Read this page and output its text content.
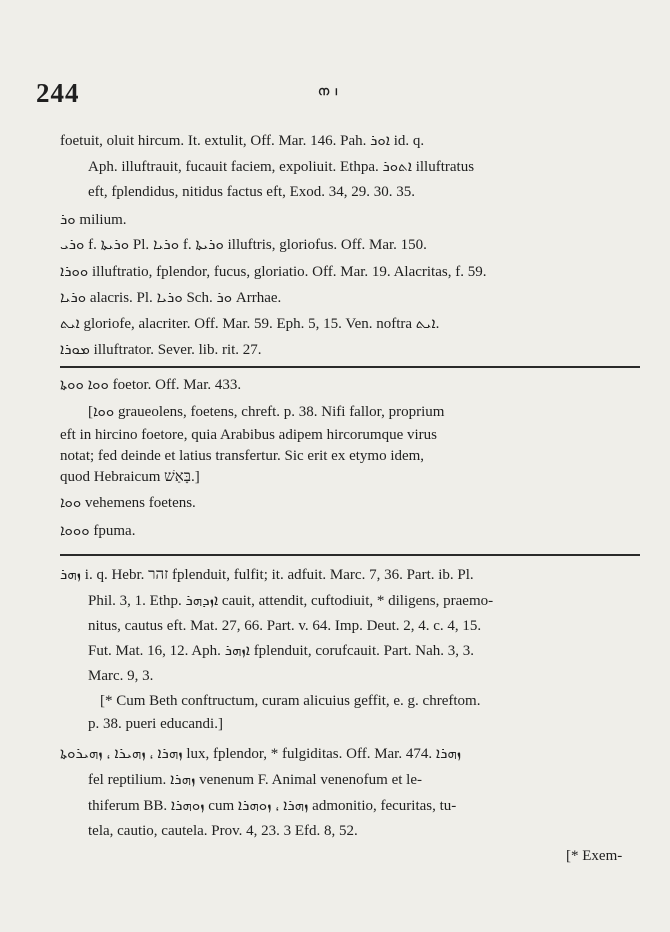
244	ന ।
foetuit, oluit hircum. It. extulit, Off. Mar. 146. Pah. ܐܘܪ id. q.
Aph. illuftrauit, fucauit faciem, expoliuit. Ethpa. ܐܬܘܪ illuftratus
eft, fplendidus, nitidus factus eft, Exod. 34, 29. 30. 35.
ܘܪ milium.
ܘܪܝ f. ܘܪܝܬܐ Pl. ܘܪܝܐ f. ܘܪܝܬܐ illuftris, gloriofus. Off. Mar. 150.
ܘܘܪܐ illuftratio, fplendor, fucus, gloriatio. Off. Mar. 19. Alacritas, f. 59.
ܘܪܝܐ alacris. Pl. ܘܪܝܐ Sch. ܘܪ Arrhae.
ܐܝܬ gloriofe, alacriter. Off. Mar. 59. Eph. 5, 15. Ven. noftra ܐܝܬ.
ܡܘܪܐ illuftrator. Sever. lib. rit. 27.
ܘܘܐ ܘܘܬܐ foetor. Off. Mar. 433.
[ܘܘܐ graueolens, foetens, chreft. p. 38. Nifi fallor, proprium
eft in hircino foetore, quia Arabibus adipem hircorumque virus
notat; fed deinde et latius transfertur. Sic erit ex etymo idem,
quod Hebraicum בָּאַשׁ.]
ܘܘܐ vehemens foetens.
ܘܘܘܐ fpuma.
ܙܗܪ i. q. Hebr. זהר fplenduit, fulfit; it. adfuit. Marc. 7, 36. Part. ib. Pl.
Phil. 3, 1. Ethp. ܐܙܕܗܪ cauit, attendit, cuftodiuit, * diligens, praemo-
nitus, cautus eft. Mat. 27, 66. Part. v. 64. Imp. Deut. 2, 4. c. 4, 15.
Fut. Mat. 16, 12. Aph. ܐܙܗܪ fplenduit, corufcauit. Part. Nah. 3, 3.
Marc. 9, 3.
[* Cum Beth conftructum, curam alicuius geffit, e. g. chreftom.
p. 38. pueri educandi.]
ܙܗܪܐ ، ܙܗܝܪܐ ، ܙܗܝܪܘܬܐ lux, fplendor, * fulgiditas. Off. Mar. 474. ܙܗܪܐ
fel reptilium. ܙܗܪܐ venenum F. Animal venenofum et le-
thiferum BB. ܙܘܗܪܐ cum ܙܗܪܐ ، ܙܘܗܪܐ admonitio, fecuritas, tu-
tela, cautio, cautela. Prov. 4, 23. 3 Efd. 8, 52.
[* Exem-
